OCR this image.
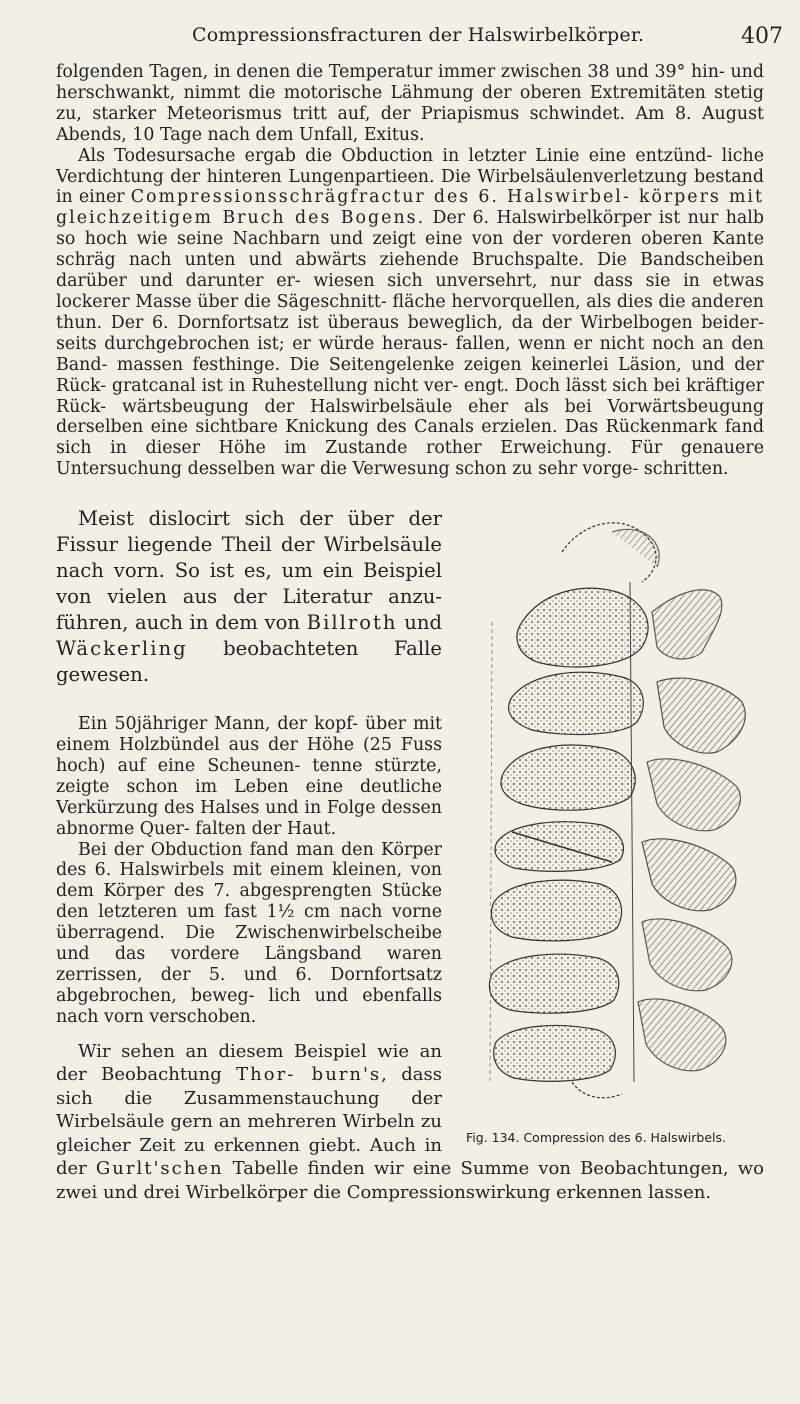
Compressionsfracturen der Halswirbelkörper.	407

folgenden Tagen, in denen die Temperatur immer zwischen 38 und 39° hin- und herschwankt, nimmt die motorische Lähmung der oberen Extremitäten stetig zu, starker Meteorismus tritt auf, der Priapismus schwindet. Am 8. August Abends, 10 Tage nach dem Unfall, Exitus.

Als Todesursache ergab die Obduction in letzter Linie eine entzünd- liche Verdichtung der hinteren Lungenpartieen. Die Wirbelsäulenverletzung bestand in einer Compressionsschrägfractur des 6. Halswirbel- körpers mit gleichzeitigem Bruch des Bogens. Der 6. Halswirbelkörper ist nur halb so hoch wie seine Nachbarn und zeigt eine von der vorderen oberen Kante schräg nach unten und abwärts ziehende Bruchspalte. Die Bandscheiben darüber und darunter er- wiesen sich unversehrt, nur dass sie in etwas lockerer Masse über die Sägeschnitt- fläche hervorquellen, als dies die anderen thun. Der 6. Dornfortsatz ist überaus beweglich, da der Wirbelbogen beider- seits durchgebrochen ist; er würde heraus- fallen, wenn er nicht noch an den Band- massen festhinge. Die Seitengelenke zeigen keinerlei Läsion, und der Rück- gratcanal ist in Ruhestellung nicht ver- engt. Doch lässt sich bei kräftiger Rück- wärtsbeugung der Halswirbelsäule eher als bei Vorwärtsbeugung derselben eine sichtbare Knickung des Canals erzielen. Das Rückenmark fand sich in dieser Höhe im Zustande rother Erweichung. Für genauere Untersuchung desselben war die Verwesung schon zu sehr vorge- schritten.

Fig. 134. Compression des 6. Halswirbels.

Meist dislocirt sich der über der Fissur liegende Theil der Wirbelsäule nach vorn. So ist es, um ein Beispiel von vielen aus der Literatur anzu- führen, auch in dem von Billroth und Wäckerling beobachteten Falle gewesen.

Ein 50jähriger Mann, der kopf- über mit einem Holzbündel aus der Höhe (25 Fuss hoch) auf eine Scheunen- tenne stürzte, zeigte schon im Leben eine deutliche Verkürzung des Halses und in Folge dessen abnorme Quer- falten der Haut.

Bei der Obduction fand man den Körper des 6. Halswirbels mit einem kleinen, von dem Körper des 7. abgesprengten Stücke den letzteren um fast 1½ cm nach vorne überragend. Die Zwischenwirbelscheibe und das vordere Längsband waren zerrissen, der 5. und 6. Dornfortsatz abgebrochen, beweg- lich und ebenfalls nach vorn verschoben.

Wir sehen an diesem Beispiel wie an der Beobachtung Thor- burn's, dass sich die Zusammenstauchung der Wirbelsäule gern an mehreren Wirbeln zu gleicher Zeit zu erkennen giebt. Auch in der Gurlt'schen Tabelle finden wir eine Summe von Beobachtungen, wo zwei und drei Wirbelkörper die Compressionswirkung erkennen lassen.
